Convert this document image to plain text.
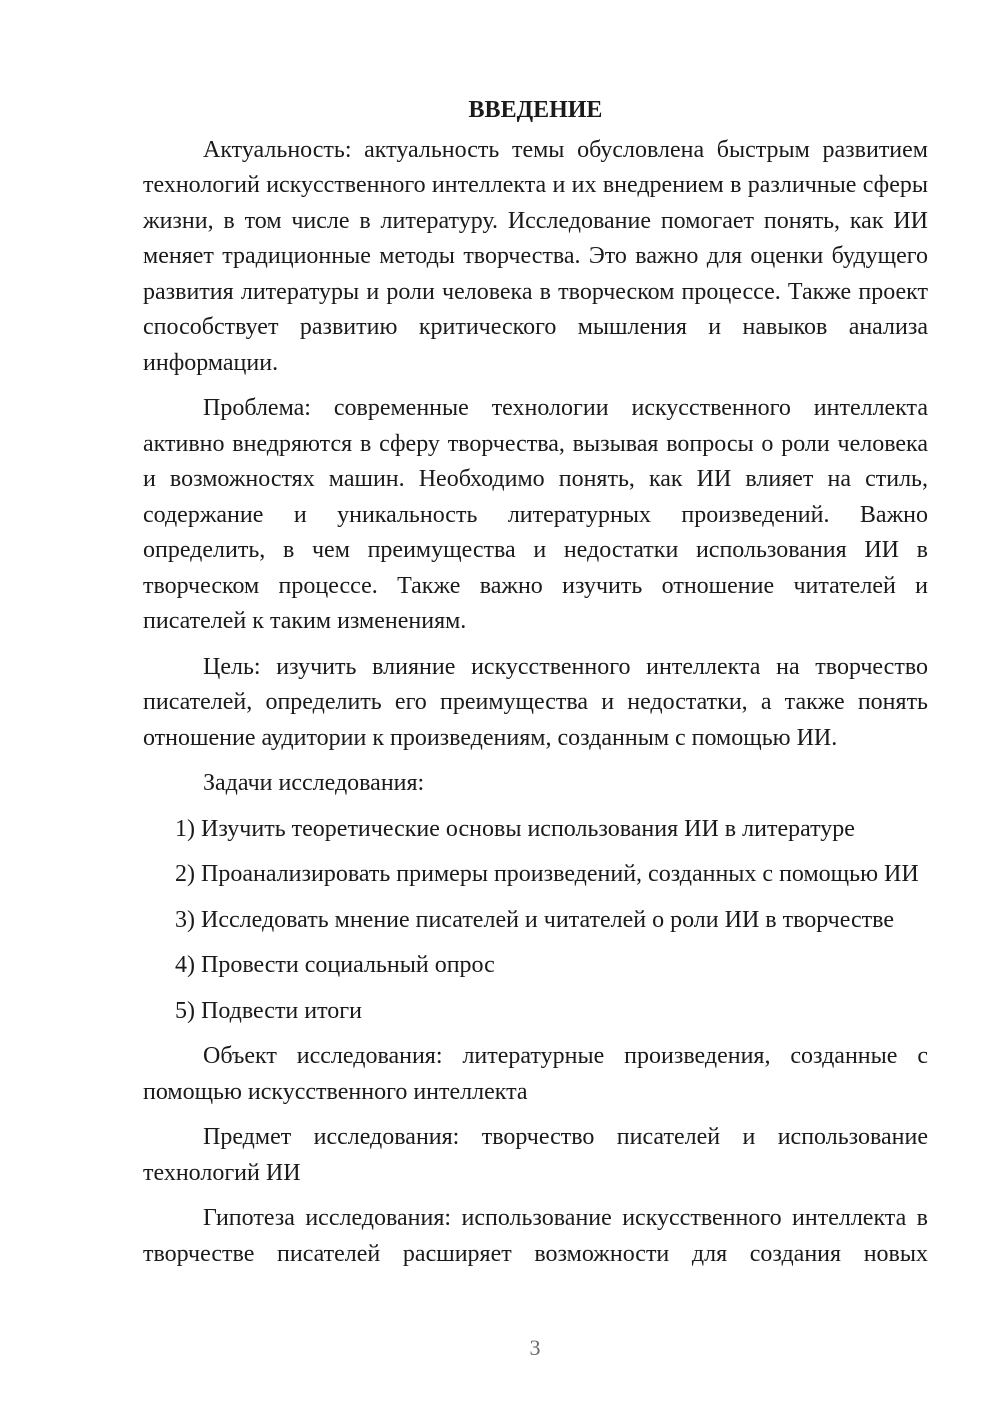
ВВЕДЕНИЕ

Актуальность: актуальность темы обусловлена быстрым развитием технологий искусственного интеллекта и их внедрением в различные сферы жизни, в том числе в литературу. Исследование помогает понять, как ИИ меняет традиционные методы творчества. Это важно для оценки будущего развития литературы и роли человека в творческом процессе. Также проект способствует развитию критического мышления и навыков анализа информации.

Проблема: современные технологии искусственного интеллекта активно внедряются в сферу творчества, вызывая вопросы о роли человека и возможностях машин. Необходимо понять, как ИИ влияет на стиль, содержание и уникальность литературных произведений. Важно определить, в чем преимущества и недостатки использования ИИ в творческом процессе. Также важно изучить отношение читателей и писателей к таким изменениям.

Цель: изучить влияние искусственного интеллекта на творчество писателей, определить его преимущества и недостатки, а также понять отношение аудитории к произведениям, созданным с помощью ИИ.

Задачи исследования:

1) Изучить теоретические основы использования ИИ в литературе

2) Проанализировать примеры произведений, созданных с помощью ИИ

3) Исследовать мнение писателей и читателей о роли ИИ в творчестве

4) Провести социальный опрос

5) Подвести итоги

Объект исследования: литературные произведения, созданные с помощью искусственного интеллекта

Предмет исследования: творчество писателей и использование технологий ИИ

Гипотеза исследования: использование искусственного интеллекта в творчестве писателей расширяет возможности для создания новых

3
